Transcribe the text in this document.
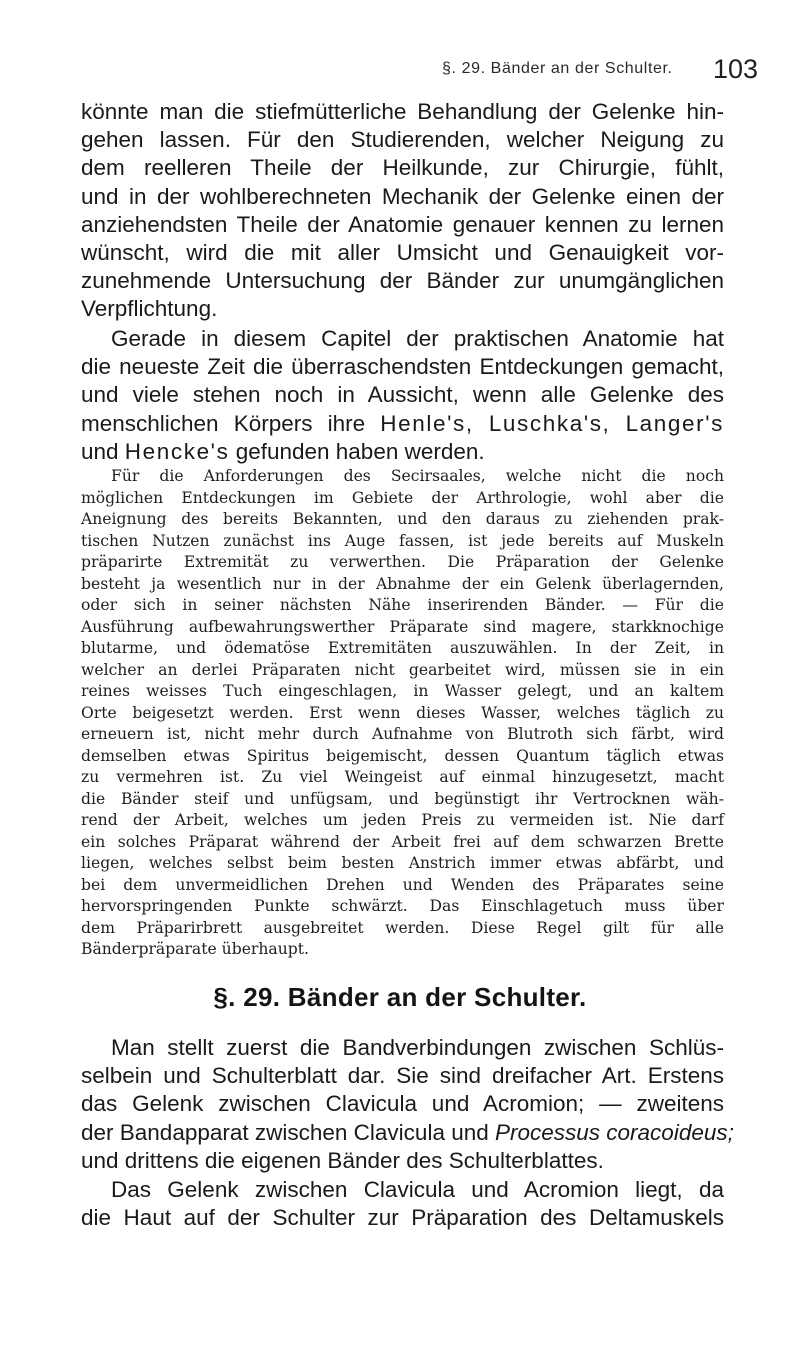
§. 29. Bänder an der Schulter. 103

könnte man die stiefmütterliche Behandlung der Gelenke hin-
gehen lassen. Für den Studierenden, welcher Neigung zu
dem reelleren Theile der Heilkunde, zur Chirurgie, fühlt,
und in der wohlberechneten Mechanik der Gelenke einen der
anziehendsten Theile der Anatomie genauer kennen zu lernen
wünscht, wird die mit aller Umsicht und Genauigkeit vor-
zunehmende Untersuchung der Bänder zur unumgänglichen
Verpflichtung.

Gerade in diesem Capitel der praktischen Anatomie hat
die neueste Zeit die überraschendsten Entdeckungen gemacht,
und viele stehen noch in Aussicht, wenn alle Gelenke des
menschlichen Körpers ihre Henle's, Luschka's, Langer's
und Hencke's gefunden haben werden.

Für die Anforderungen des Secirsaales, welche nicht die noch
möglichen Entdeckungen im Gebiete der Arthrologie, wohl aber die
Aneignung des bereits Bekannten, und den daraus zu ziehenden prak-
tischen Nutzen zunächst ins Auge fassen, ist jede bereits auf Muskeln
präparirte Extremität zu verwerthen. Die Präparation der Gelenke
besteht ja wesentlich nur in der Abnahme der ein Gelenk überlagernden,
oder sich in seiner nächsten Nähe inserirenden Bänder. — Für die
Ausführung aufbewahrungswerther Präparate sind magere, starkknochige
blutarme, und ödematöse Extremitäten auszuwählen. In der Zeit, in
welcher an derlei Präparaten nicht gearbeitet wird, müssen sie in ein
reines weisses Tuch eingeschlagen, in Wasser gelegt, und an kaltem
Orte beigesetzt werden. Erst wenn dieses Wasser, welches täglich zu
erneuern ist, nicht mehr durch Aufnahme von Blutroth sich färbt, wird
demselben etwas Spiritus beigemischt, dessen Quantum täglich etwas
zu vermehren ist. Zu viel Weingeist auf einmal hinzugesetzt, macht
die Bänder steif und unfügsam, und begünstigt ihr Vertrocknen wäh-
rend der Arbeit, welches um jeden Preis zu vermeiden ist. Nie darf
ein solches Präparat während der Arbeit frei auf dem schwarzen Brette
liegen, welches selbst beim besten Anstrich immer etwas abfärbt, und
bei dem unvermeidlichen Drehen und Wenden des Präparates seine
hervorspringenden Punkte schwärzt. Das Einschlagetuch muss über
dem Präparirbrett ausgebreitet werden. Diese Regel gilt für alle
Bänderpräparate überhaupt.

§. 29. Bänder an der Schulter.

Man stellt zuerst die Bandverbindungen zwischen Schlüs-
selbein und Schulterblatt dar. Sie sind dreifacher Art. Erstens
das Gelenk zwischen Clavicula und Acromion; — zweitens
der Bandapparat zwischen Clavicula und Processus coracoideus;
und drittens die eigenen Bänder des Schulterblattes.

Das Gelenk zwischen Clavicula und Acromion liegt, da
die Haut auf der Schulter zur Präparation des Deltamuskels
